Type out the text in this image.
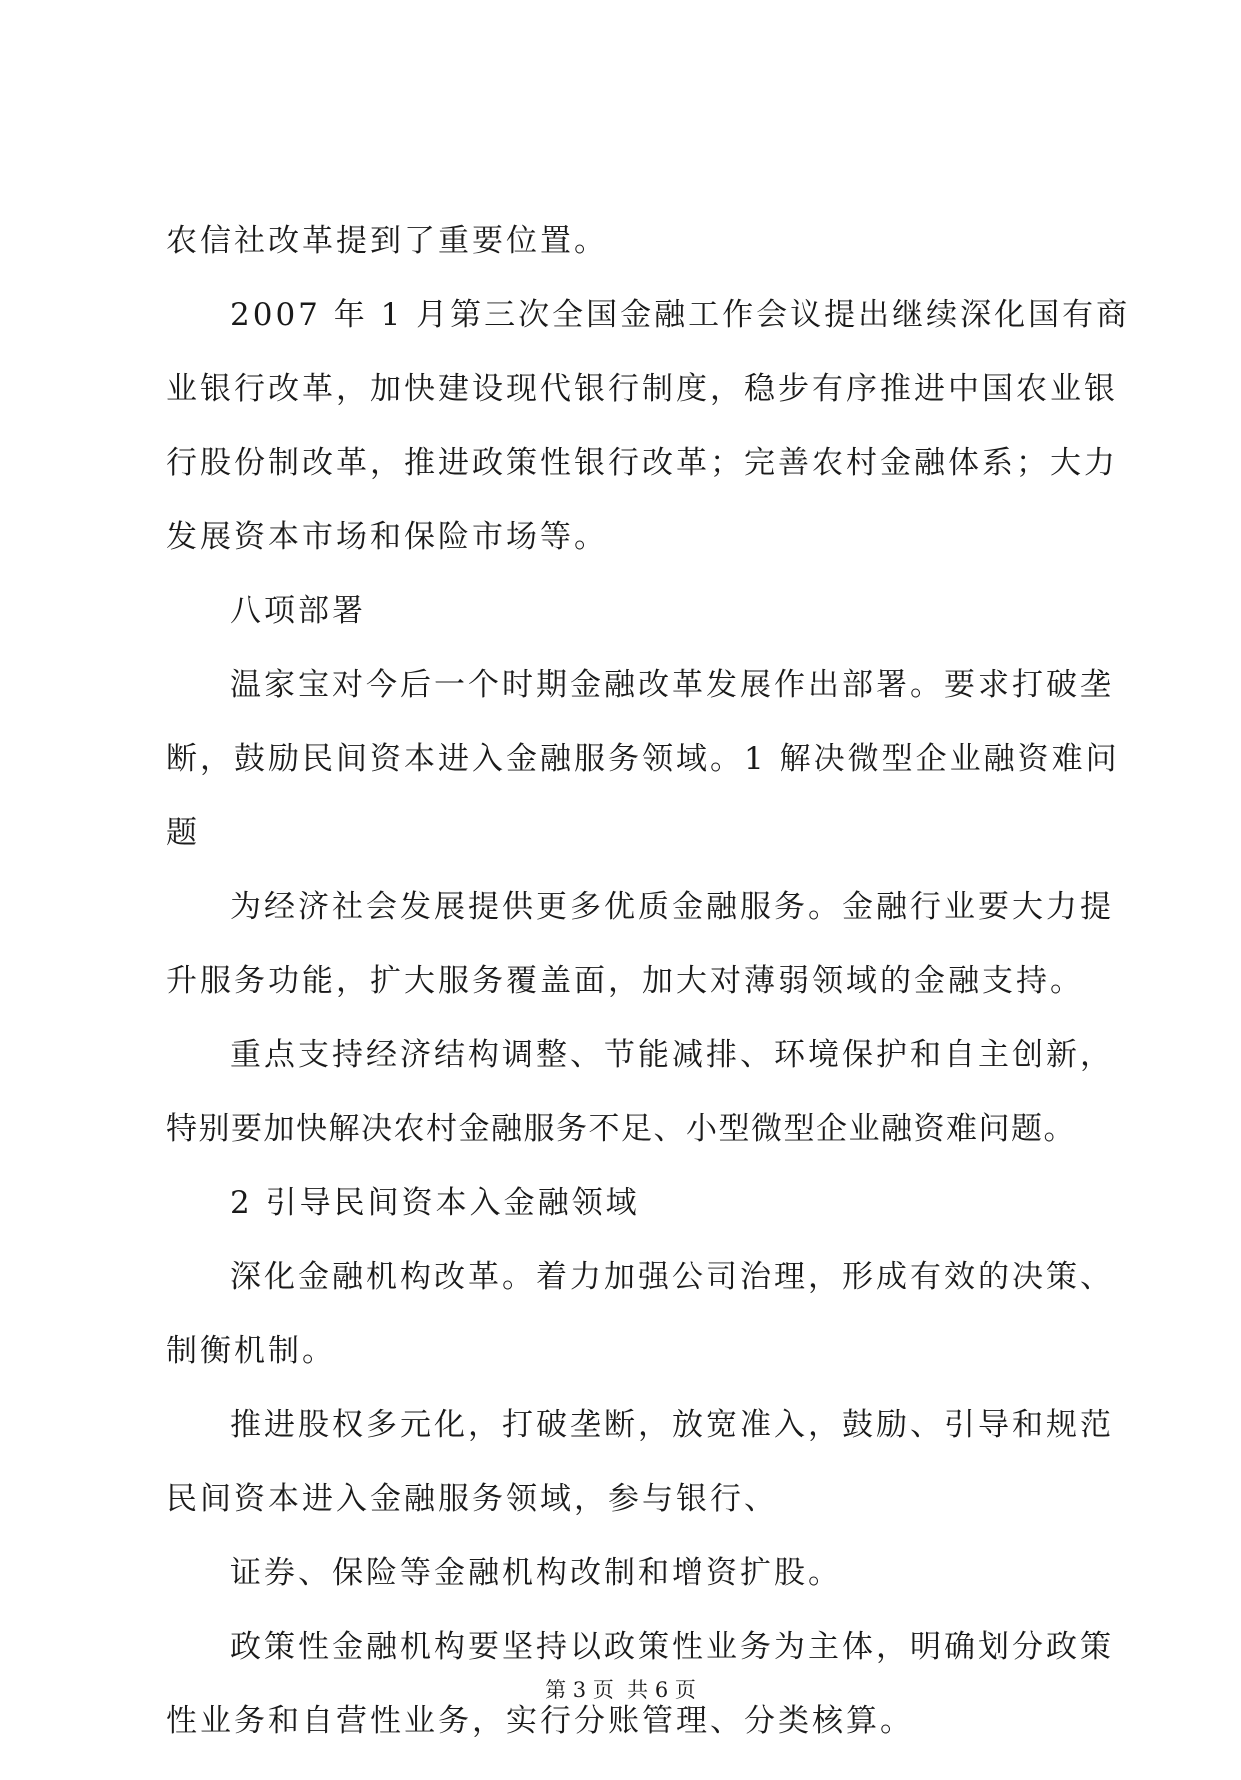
农信社改革提到了重要位置。
2007 年 1 月第三次全国金融工作会议提出继续深化国有商
业银行改革，加快建设现代银行制度，稳步有序推进中国农业银
行股份制改革，推进政策性银行改革；完善农村金融体系；大力
发展资本市场和保险市场等。
八项部署
温家宝对今后一个时期金融改革发展作出部署。要求打破垄
断，鼓励民间资本进入金融服务领域。1 解决微型企业融资难问
题
为经济社会发展提供更多优质金融服务。金融行业要大力提
升服务功能，扩大服务覆盖面，加大对薄弱领域的金融支持。
重点支持经济结构调整、节能减排、环境保护和自主创新，
特别要加快解决农村金融服务不足、小型微型企业融资难问题。
2 引导民间资本入金融领域
深化金融机构改革。着力加强公司治理，形成有效的决策、
制衡机制。
推进股权多元化，打破垄断，放宽准入，鼓励、引导和规范
民间资本进入金融服务领域，参与银行、
证券、保险等金融机构改制和增资扩股。
政策性金融机构要坚持以政策性业务为主体，明确划分政策
性业务和自营性业务，实行分账管理、分类核算。
第 3 页  共 6 页
